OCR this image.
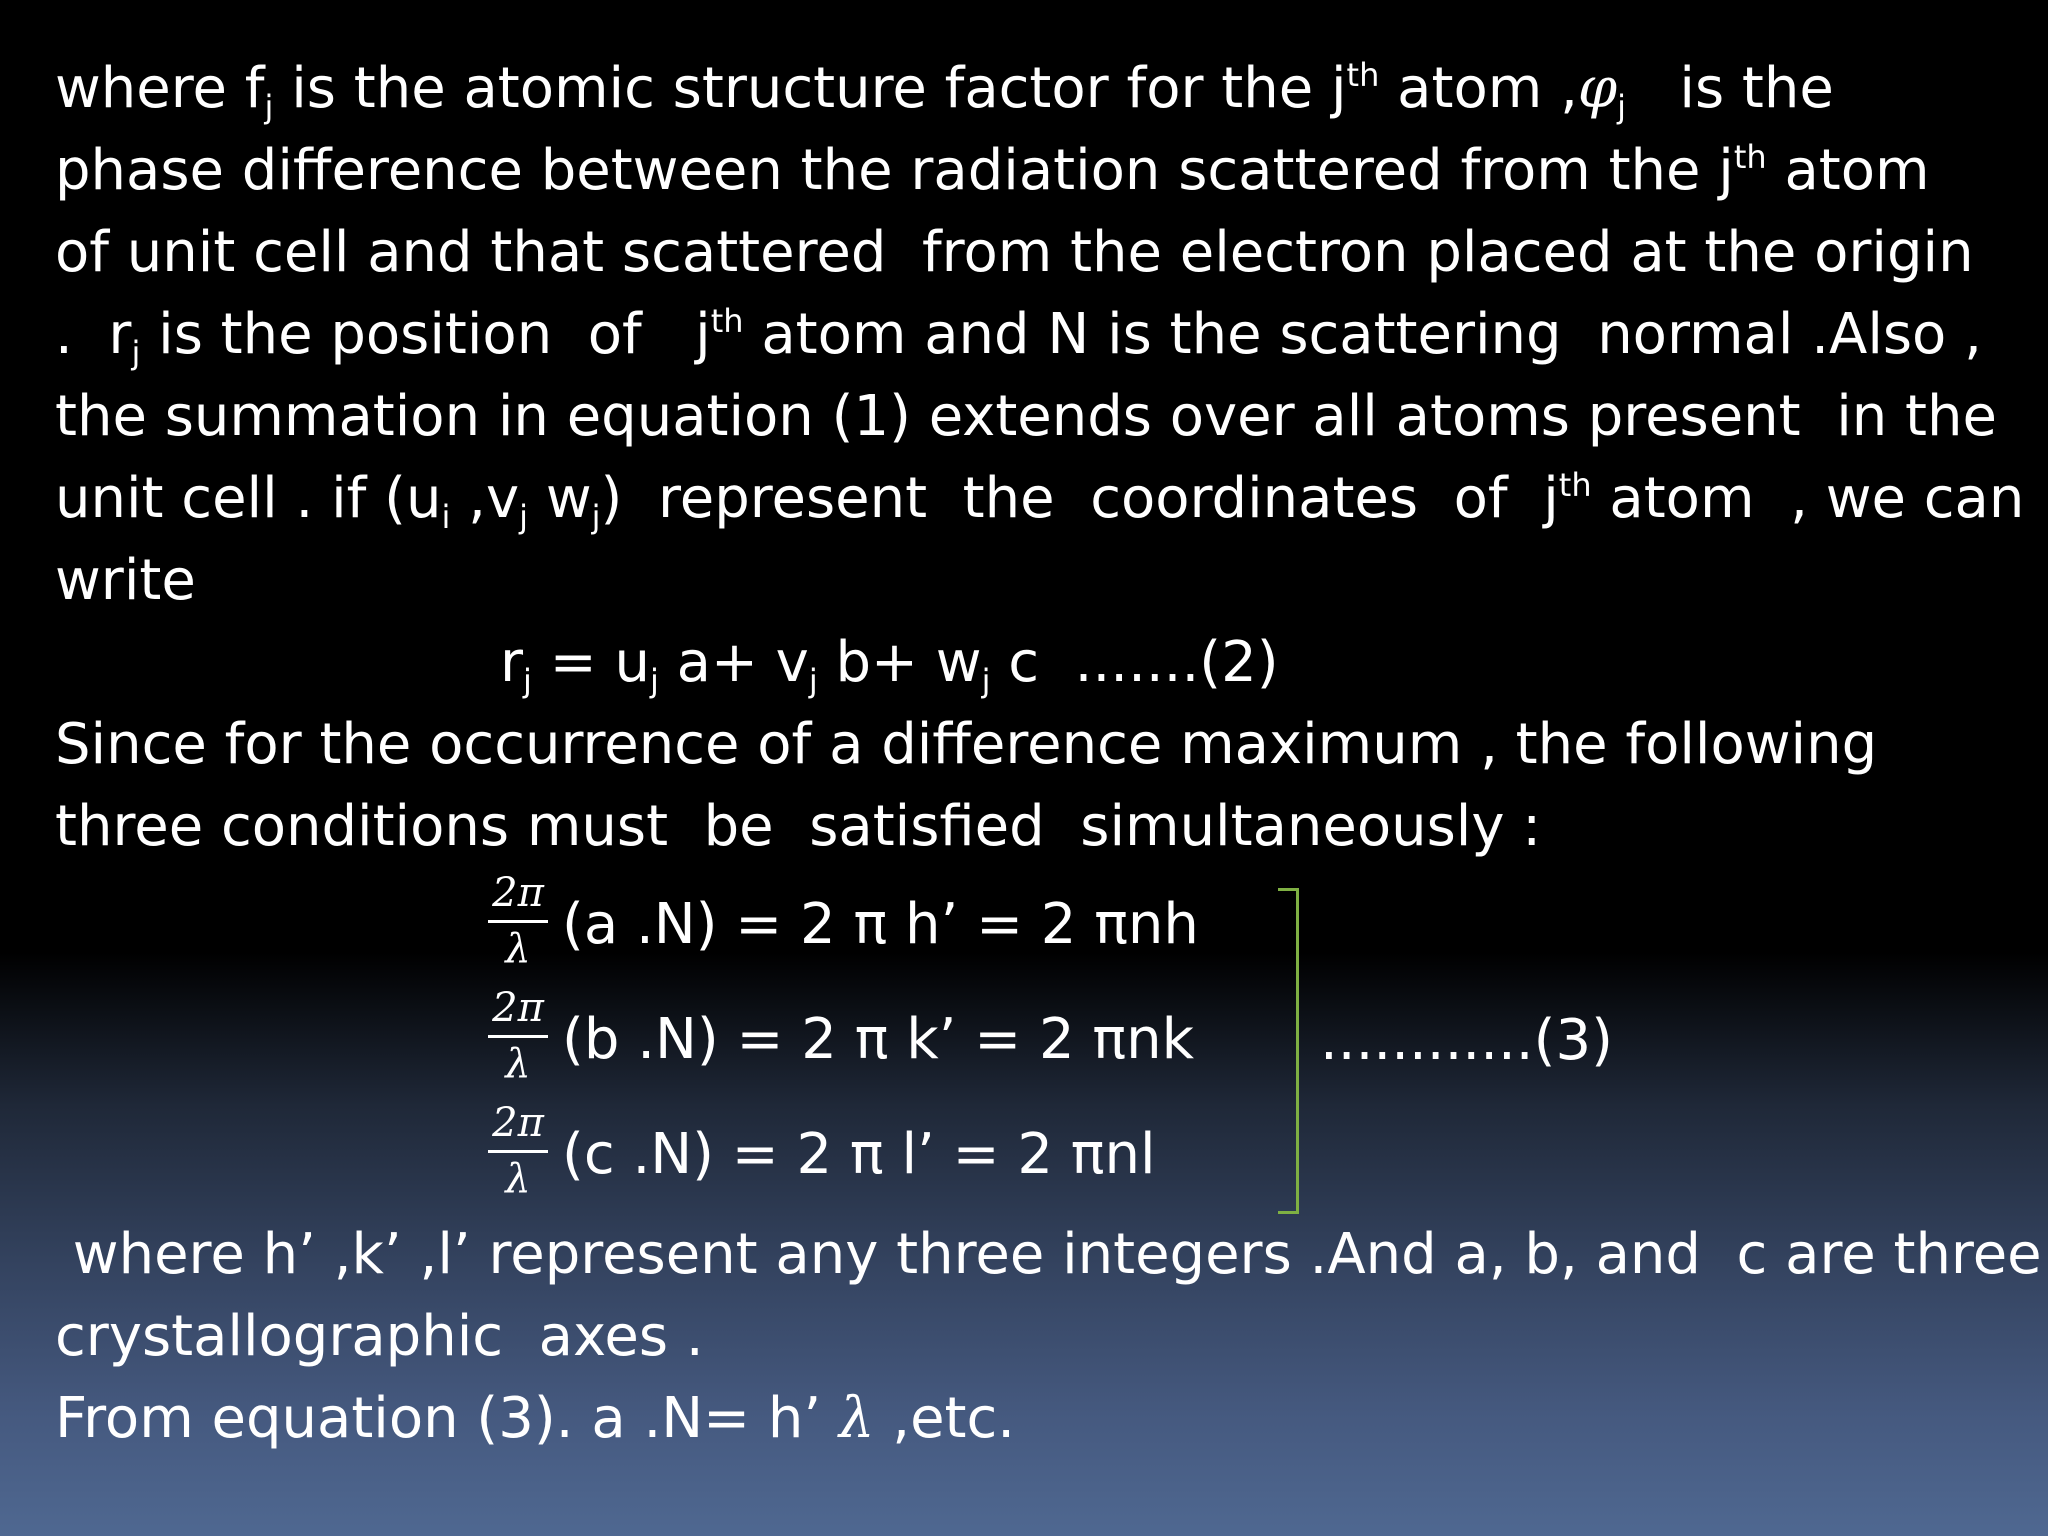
where $f_j$ is the atomic structure factor for the $j^{th}$ atom $,\varphi_j$   is the
phase difference between the radiation scattered from the $j^{th}$ atom
of unit cell and that scattered  from the electron placed at the origin
.  $r_j$ is the position  of   $j^{th}$ atom and N is the scattering  normal .Also ,
the summation in equation (1) extends over all atoms present  in the
unit cell . if ($u_i$ $,v_j$ $w_j$)  represent  the  coordinates  of  $j^{th}$ atom  , we can
write
$r_j = u_j$ $a+ v_j$ $b+ w_j$ c  .......(2)
Since for the occurrence of a difference maximum , the following
three conditions must  be  satisfied  simultaneously :
2π
λ (a .N) = 2 π h’ = 2 πnh
2π
λ (b .N) = 2 π k’ = 2 πnk
2π
λ (c .N) = 2 π l’ = 2 πnl
............(3)
where h’ ,k’ ,l’ represent any three integers .And a, b, and  c are three
crystallographic  axes .
From equation (3). a .N= h’ λ ,etc.
